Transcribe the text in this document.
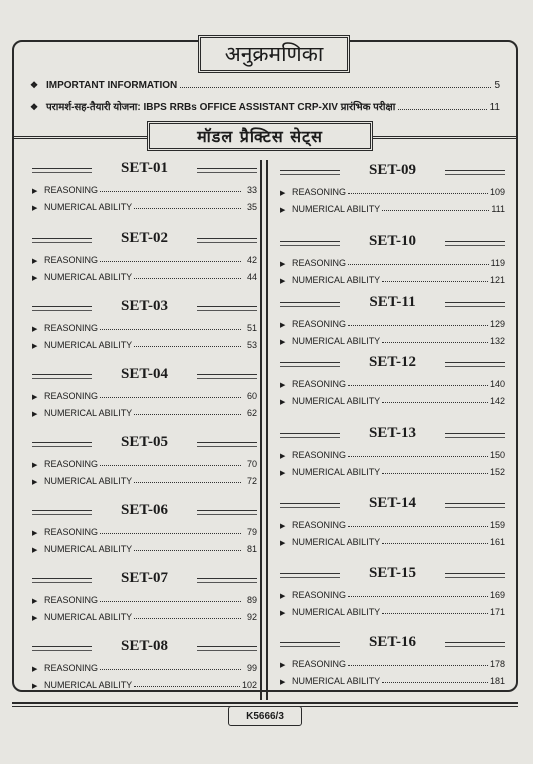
अनुक्रमणिका
❖ IMPORTANT INFORMATION	5
❖ परामर्श-सह-तैयारी योजना: IBPS RRBs OFFICE ASSISTANT CRP-XIV प्रारंभिक परीक्षा	11
मॉडल प्रैक्टिस सेट्स
SET-01
▶ REASONING	33
▶ NUMERICAL ABILITY	35
SET-02
▶ REASONING	42
▶ NUMERICAL ABILITY	44
SET-03
▶ REASONING	51
▶ NUMERICAL ABILITY	53
SET-04
▶ REASONING	60
▶ NUMERICAL ABILITY	62
SET-05
▶ REASONING	70
▶ NUMERICAL ABILITY	72
SET-06
▶ REASONING	79
▶ NUMERICAL ABILITY	81
SET-07
▶ REASONING	89
▶ NUMERICAL ABILITY	92
SET-08
▶ REASONING	99
▶ NUMERICAL ABILITY	102
SET-09
▶ REASONING	109
▶ NUMERICAL ABILITY	111
SET-10
▶ REASONING	119
▶ NUMERICAL ABILITY	121
SET-11
▶ REASONING	129
▶ NUMERICAL ABILITY	132
SET-12
▶ REASONING	140
▶ NUMERICAL ABILITY	142
SET-13
▶ REASONING	150
▶ NUMERICAL ABILITY	152
SET-14
▶ REASONING	159
▶ NUMERICAL ABILITY	161
SET-15
▶ REASONING	169
▶ NUMERICAL ABILITY	171
SET-16
▶ REASONING	178
▶ NUMERICAL ABILITY	181
K5666/3
